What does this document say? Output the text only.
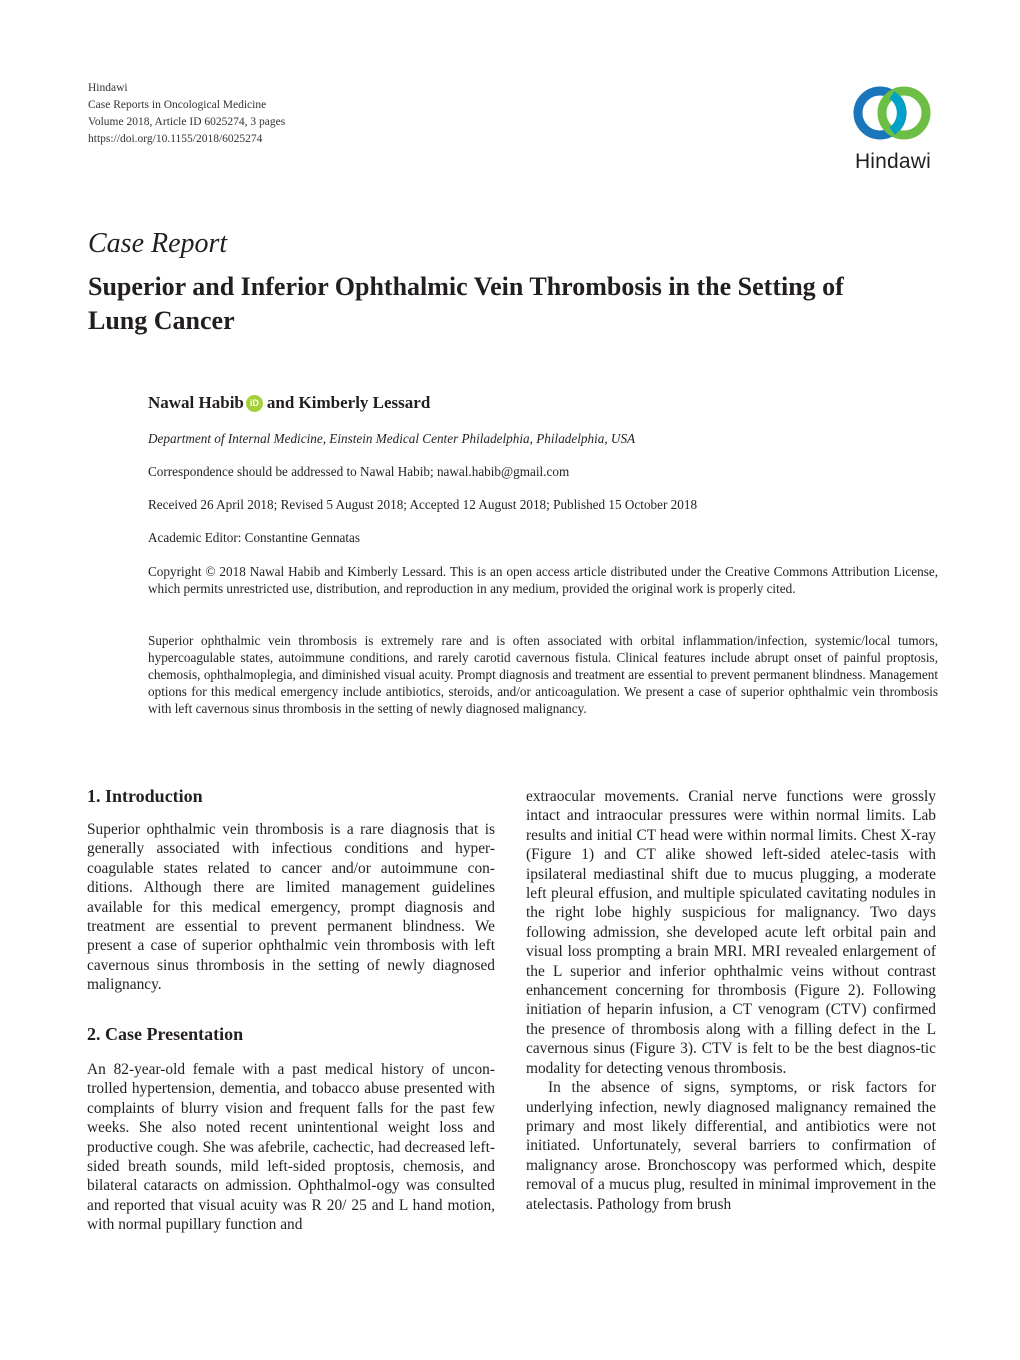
Hindawi
Case Reports in Oncological Medicine
Volume 2018, Article ID 6025274, 3 pages
https://doi.org/10.1155/2018/6025274
Hindawi
Case Report
Superior and Inferior Ophthalmic Vein Thrombosis in the Setting of Lung Cancer
Nawal Habib iD and Kimberly Lessard
Department of Internal Medicine, Einstein Medical Center Philadelphia, Philadelphia, USA
Correspondence should be addressed to Nawal Habib; nawal.habib@gmail.com
Received 26 April 2018; Revised 5 August 2018; Accepted 12 August 2018; Published 15 October 2018
Academic Editor: Constantine Gennatas
Copyright © 2018 Nawal Habib and Kimberly Lessard. This is an open access article distributed under the Creative Commons Attribution License, which permits unrestricted use, distribution, and reproduction in any medium, provided the original work is properly cited.
Superior ophthalmic vein thrombosis is extremely rare and is often associated with orbital inflammation/infection, systemic/local tumors, hypercoagulable states, autoimmune conditions, and rarely carotid cavernous fistula. Clinical features include abrupt onset of painful proptosis, chemosis, ophthalmoplegia, and diminished visual acuity. Prompt diagnosis and treatment are essential to prevent permanent blindness. Management options for this medical emergency include antibiotics, steroids, and/or anticoagulation. We present a case of superior ophthalmic vein thrombosis with left cavernous sinus thrombosis in the setting of newly diagnosed malignancy.
1. Introduction

Superior ophthalmic vein thrombosis is a rare diagnosis that is generally associated with infectious conditions and hyper-coagulable states related to cancer and/or autoimmune con-ditions. Although there are limited management guidelines available for this medical emergency, prompt diagnosis and treatment are essential to prevent permanent blindness. We present a case of superior ophthalmic vein thrombosis with left cavernous sinus thrombosis in the setting of newly diagnosed malignancy.

2. Case Presentation
An 82-year-old female with a past medical history of uncon-trolled hypertension, dementia, and tobacco abuse presented with complaints of blurry vision and frequent falls for the past few weeks. She also noted recent unintentional weight loss and productive cough. She was afebrile, cachectic, had decreased left-sided breath sounds, mild left-sided proptosis, chemosis, and bilateral cataracts on admission. Ophthalmol-ogy was consulted and reported that visual acuity was R 20/ 25 and L hand motion, with normal pupillary function and

extraocular movements. Cranial nerve functions were grossly intact and intraocular pressures were within normal limits. Lab results and initial CT head were within normal limits. Chest X-ray (Figure 1) and CT alike showed left-sided atelec-tasis with ipsilateral mediastinal shift due to mucus plugging, a moderate left pleural effusion, and multiple spiculated cavitating nodules in the right lobe highly suspicious for malignancy. Two days following admission, she developed acute left orbital pain and visual loss prompting a brain MRI. MRI revealed enlargement of the L superior and inferior ophthalmic veins without contrast enhancement concerning for thrombosis (Figure 2). Following initiation of heparin infusion, a CT venogram (CTV) confirmed the presence of thrombosis along with a filling defect in the L cavernous sinus (Figure 3). CTV is felt to be the best diagnos-tic modality for detecting venous thrombosis.

In the absence of signs, symptoms, or risk factors for underlying infection, newly diagnosed malignancy remained the primary and most likely differential, and antibiotics were not initiated. Unfortunately, several barriers to confirmation of malignancy arose. Bronchoscopy was performed which, despite removal of a mucus plug, resulted in minimal improvement in the atelectasis. Pathology from brush
